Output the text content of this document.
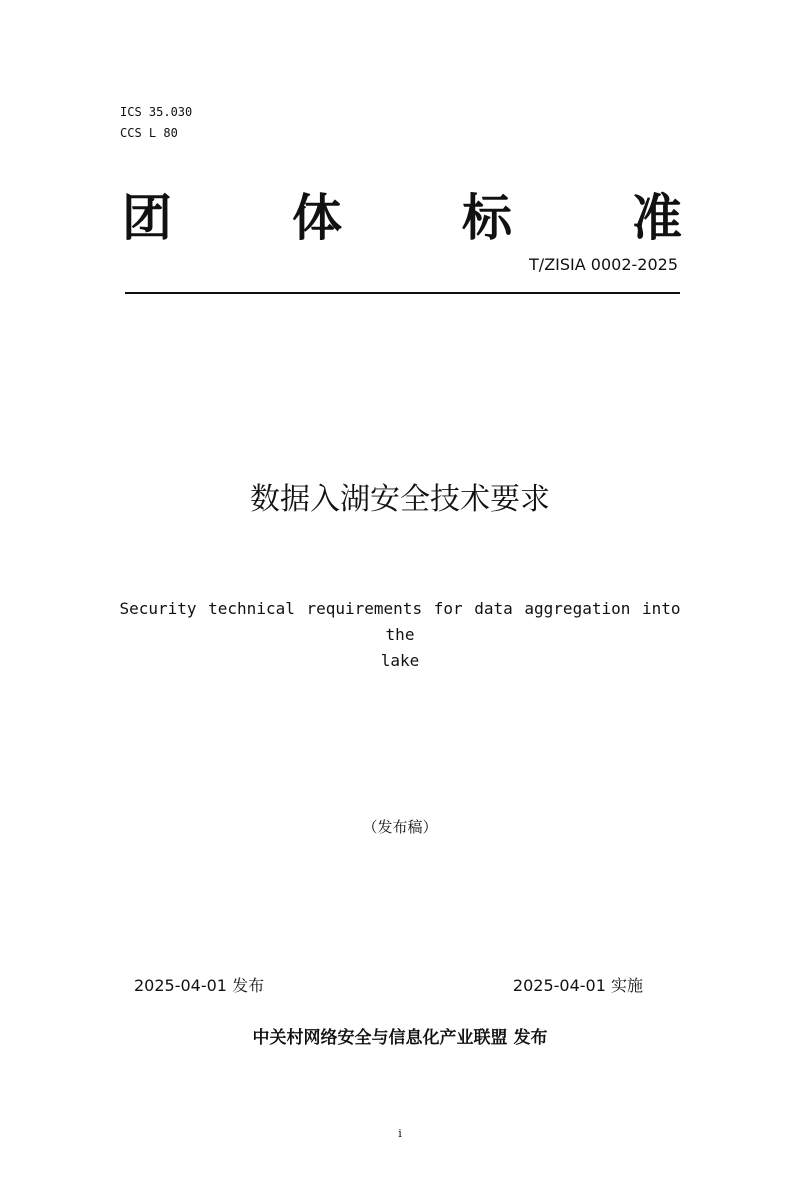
ICS 35.030
CCS L 80
团 体 标 准
T/ZISIA 0002-2025
数据入湖安全技术要求
Security technical requirements for data aggregation into the
lake
（发布稿）
2025-04-01 发布	2025-04-01 实施
中关村网络安全与信息化产业联盟 发布
i
